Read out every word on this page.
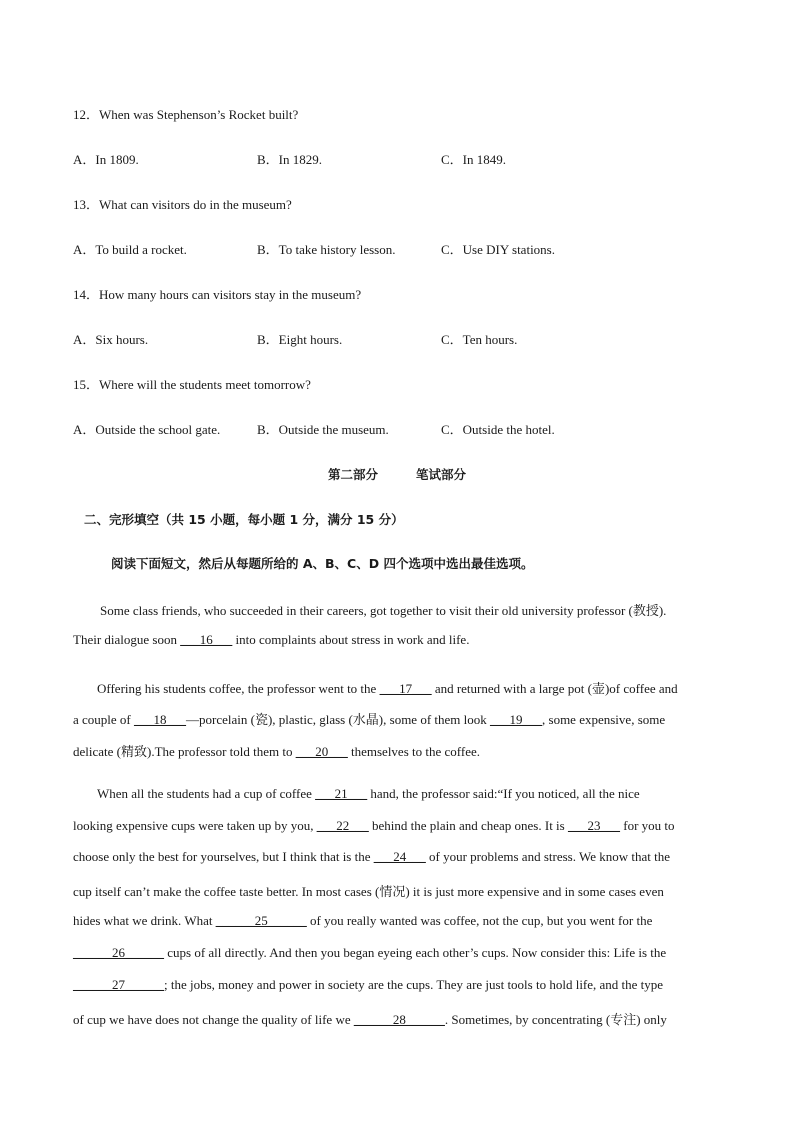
12．When was Stephenson’s Rocket built?
A．In 1809.	B．In 1829.	C．In 1849.
13．What can visitors do in the museum?
A．To build a rocket.	B．To take history lesson.	C．Use DIY stations.
14．How many hours can visitors stay in the museum?
A．Six hours.	B．Eight hours.	C．Ten hours.
15．Where will the students meet tomorrow?
A．Outside the school gate.	B．Outside the museum.	C．Outside the hotel.
第二部分	笔试部分
二、完形填空（共 15 小题，每小题 1 分，满分 15 分）
阅读下面短文，然后从每题所给的 A、B、C、D 四个选项中选出最佳选项。
Some class friends, who succeeded in their careers, got together to visit their old university professor (教授).
Their dialogue soon ___16___ into complaints about stress in work and life.
Offering his students coffee, the professor went to the ___17___ and returned with a large pot (壶)of coffee and
a couple of ___18___—porcelain (瓷), plastic, glass (水晶), some of them look ___19___, some expensive, some
delicate (精致).The professor told them to ___20___ themselves to the coffee.
When all the students had a cup of coffee ___21___ hand, the professor said:“If you noticed, all the nice
looking expensive cups were taken up by you, ___22___ behind the plain and cheap ones. It is ___23___ for you to
choose only the best for yourselves, but I think that is the ___24___ of your problems and stress. We know that the
cup itself can’t make the coffee taste better. In most cases (情况) it is just more expensive and in some cases even
hides what we drink. What ______25______ of you really wanted was coffee, not the cup, but you went for the
______26______ cups of all directly. And then you began eyeing each other’s cups. Now consider this: Life is the
______27______; the jobs, money and power in society are the cups. They are just tools to hold life, and the type
of cup we have does not change the quality of life we ______28______. Sometimes, by concentrating (专注) only
